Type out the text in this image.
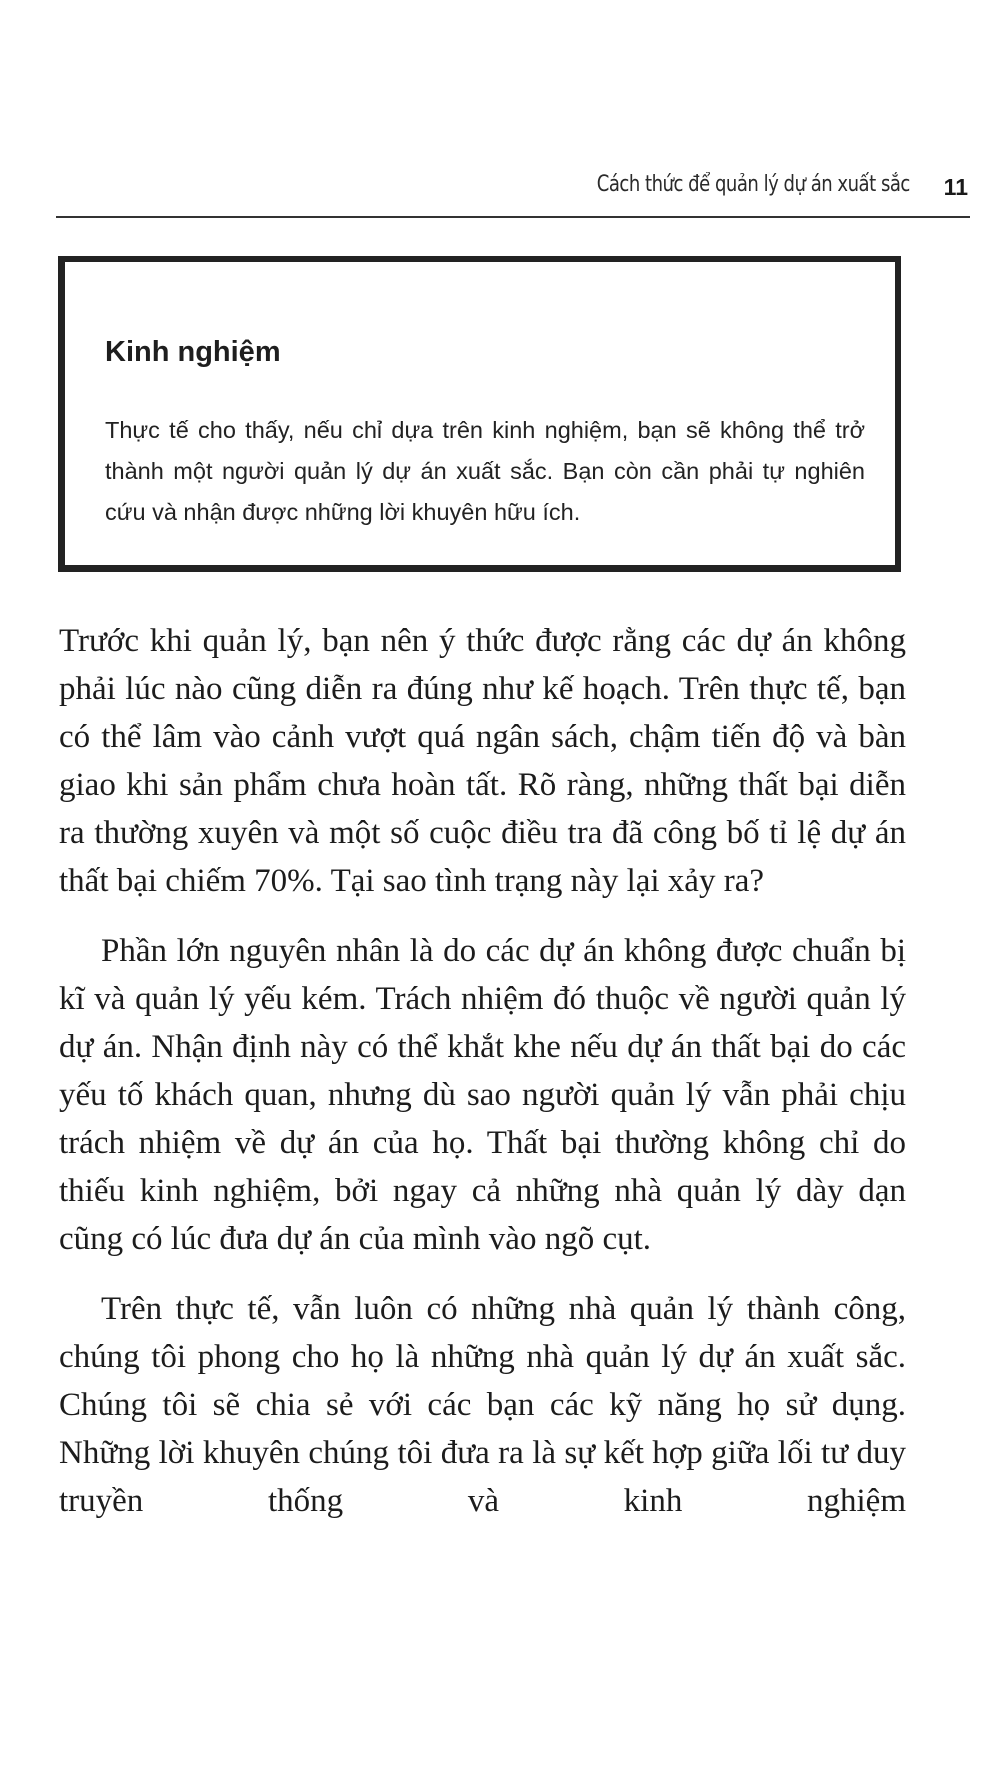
Cách thức để quản lý dự án xuất sắc 11
Kinh nghiệm

Thực tế cho thấy, nếu chỉ dựa trên kinh nghiệm, bạn sẽ không thể trở thành một người quản lý dự án xuất sắc. Bạn còn cần phải tự nghiên cứu và nhận được những lời khuyên hữu ích.

Trước khi quản lý, bạn nên ý thức được rằng các dự án không phải lúc nào cũng diễn ra đúng như kế hoạch. Trên thực tế, bạn có thể lâm vào cảnh vượt quá ngân sách, chậm tiến độ và bàn giao khi sản phẩm chưa hoàn tất. Rõ ràng, những thất bại diễn ra thường xuyên và một số cuộc điều tra đã công bố tỉ lệ dự án thất bại chiếm 70%. Tại sao tình trạng này lại xảy ra?

Phần lớn nguyên nhân là do các dự án không được chuẩn bị kĩ và quản lý yếu kém. Trách nhiệm đó thuộc về người quản lý dự án. Nhận định này có thể khắt khe nếu dự án thất bại do các yếu tố khách quan, nhưng dù sao người quản lý vẫn phải chịu trách nhiệm về dự án của họ. Thất bại thường không chỉ do thiếu kinh nghiệm, bởi ngay cả những nhà quản lý dày dạn cũng có lúc đưa dự án của mình vào ngõ cụt.

Trên thực tế, vẫn luôn có những nhà quản lý thành công, chúng tôi phong cho họ là những nhà quản lý dự án xuất sắc. Chúng tôi sẽ chia sẻ với các bạn các kỹ năng họ sử dụng. Những lời khuyên chúng tôi đưa ra là sự kết hợp giữa lối tư duy truyền thống và kinh nghiệm
